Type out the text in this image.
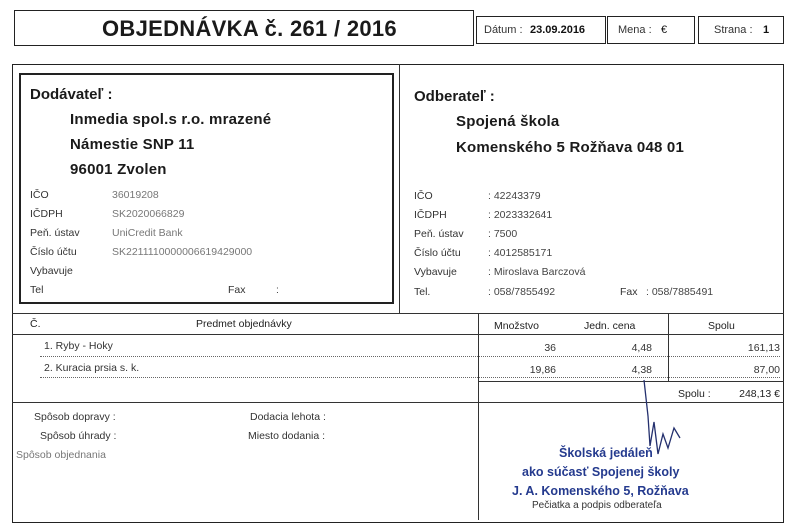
OBJEDNÁVKA č. 261 / 2016	Dátum : 23.09.2016	Mena : €	Strana : 1
Dodávateľ :
Inmedia spol.s r.o. mrazené
Námestie SNP 11
96001 Zvolen
IČO	36019208
IČDPH	SK2020066829
Peň. ústav	UniCredit Bank
Číslo účtu	SK2211110000006619429000
Vybavuje
Tel	Fax	:
Odberateľ :
Spojená škola
Komenského 5 Rožňava 048 01
IČO	: 42243379
IČDPH	: 2023332641
Peň. ústav : 7500
Číslo účtu	: 4012585171
Vybavuje	: Miroslava Barczová
Tel.	: 058/7855492	Fax : 058/7885491
Č.	Predmet objednávky	Množstvo	Jedn. cena	Spolu
1. Ryby - Hoky	36	4,48	161,13
2. Kuracia prsia s. k.	19,86	4,38	87,00
Spolu :	248,13 €
Spôsob dopravy :
Spôsob úhrady :
Spôsob objednania
Dodacia lehota :
Miesto dodania :
Školská jedáleň
ako súčasť Spojenej školy
J. A. Komenského 5, Rožňava
Pečiatka a podpis odberateľa
